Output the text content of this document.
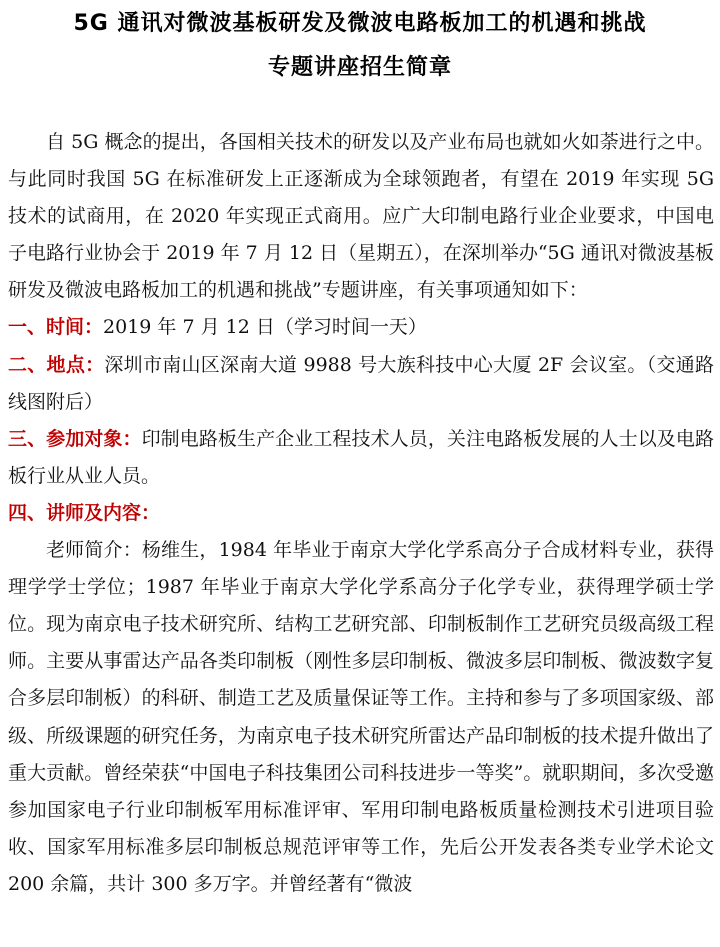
5G 通讯对微波基板研发及微波电路板加工的机遇和挑战
专题讲座招生简章

自 5G 概念的提出，各国相关技术的研发以及产业布局也就如火如荼进行之中。与此同时我国 5G 在标准研发上正逐渐成为全球领跑者，有望在 2019 年实现 5G 技术的试商用，在 2020 年实现正式商用。应广大印制电路行业企业要求，中国电子电路行业协会于 2019 年 7 月 12 日（星期五），在深圳举办“5G 通讯对微波基板研发及微波电路板加工的机遇和挑战”专题讲座，有关事项通知如下：

一、时间：2019 年 7 月 12 日（学习时间一天）

二、地点：深圳市南山区深南大道 9988 号大族科技中心大厦 2F 会议室。（交通路线图附后）

三、参加对象：印制电路板生产企业工程技术人员，关注电路板发展的人士以及电路板行业从业人员。

四、讲师及内容：

老师简介：杨维生，1984 年毕业于南京大学化学系高分子合成材料专业，获得理学学士学位；1987 年毕业于南京大学化学系高分子化学专业，获得理学硕士学位。现为南京电子技术研究所、结构工艺研究部、印制板制作工艺研究员级高级工程师。主要从事雷达产品各类印制板（刚性多层印制板、微波多层印制板、微波数字复合多层印制板）的科研、制造工艺及质量保证等工作。主持和参与了多项国家级、部级、所级课题的研究任务，为南京电子技术研究所雷达产品印制板的技术提升做出了重大贡献。曾经荣获“中国电子科技集团公司科技进步一等奖”。就职期间，多次受邀参加国家电子行业印制板军用标准评审、军用印制电路板质量检测技术引进项目验收、国家军用标准多层印制板总规范评审等工作，先后公开发表各类专业学术论文 200 余篇，共计 300 多万字。并曾经著有“微波
